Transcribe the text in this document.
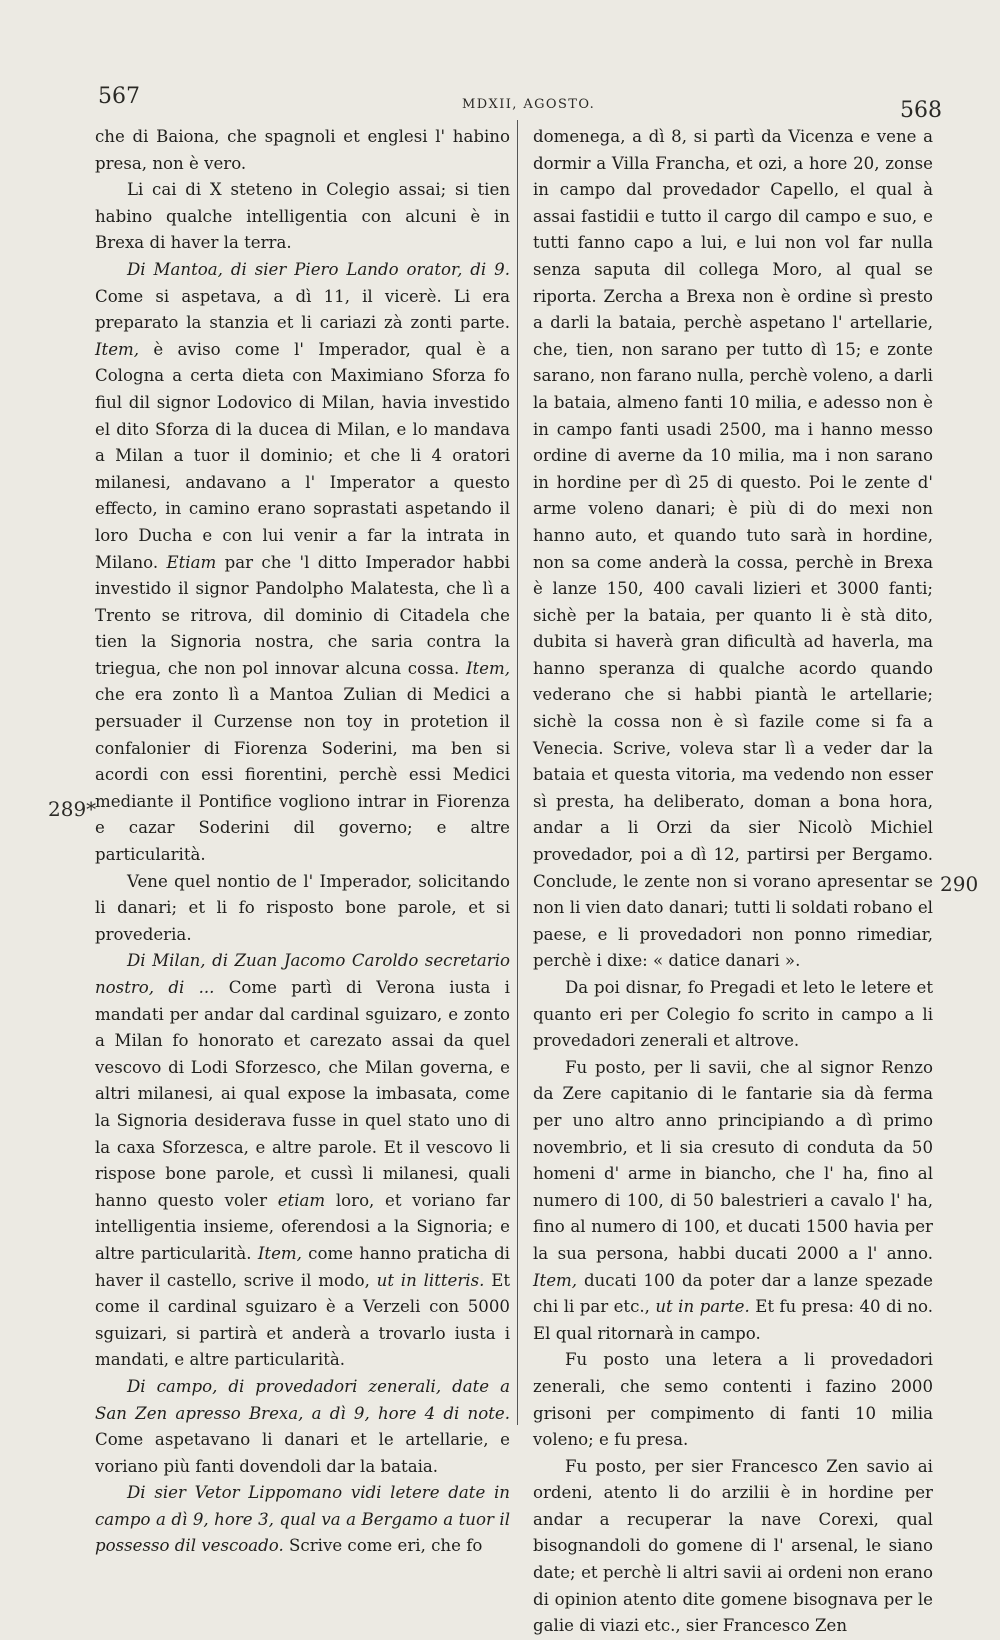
567	MDXII, AGOSTO.	568

che di Baiona, che spagnoli et englesi l' habino presa, non è vero.

Li cai di X steteno in Colegio assai; si tien habino qualche intelligentia con alcuni è in Brexa di haver la terra.

Di Mantoa, di sier Piero Lando orator, di 9. Come si aspetava, a dì 11, il vicerè. Li era preparato la stanzia et li cariazi zà zonti parte. Item, è aviso come l' Imperador, qual è a Cologna a certa dieta con Maximiano Sforza fo fiul dil signor Lodovico di Milan, havia investido el dito Sforza di la ducea di Milan, e lo mandava a Milan a tuor il dominio; et che li 4 oratori milanesi, andavano a l' Imperator a questo effecto, in camino erano soprastati aspetando il loro Ducha e con lui venir a far la intrata in Milano. Etiam par che 'l ditto Imperador habbi investido il signor Pandolpho Malatesta, che lì a Trento se ritrova, dil dominio di Citadela che tien la Signoria nostra, che saria contra la triegua, che non pol innovar alcuna cossa. Item, che era zonto lì a Mantoa Zulian di Medici a persuader il Curzense non toy in protetion il confalonier di Fiorenza Soderini, ma ben si acordi con essi fiorentini, perchè essi Medici mediante il Pontifice vogliono intrar in Fiorenza e cazar Soderini dil governo; e altre particularità.

Vene quel nontio de l' Imperador, solicitando li danari; et li fo risposto bone parole, et si provederia.

Di Milan, di Zuan Jacomo Caroldo secretario nostro, di ... Come partì di Verona iusta i mandati per andar dal cardinal sguizaro, e zonto a Milan fo honorato et carezato assai da quel vescovo di Lodi Sforzesco, che Milan governa, e altri milanesi, ai qual expose la imbasata, come la Signoria desiderava fusse in quel stato uno di la caxa Sforzesca, e altre parole. Et il vescovo li rispose bone parole, et cussì li milanesi, quali hanno questo voler etiam loro, et voriano far intelligentia insieme, oferendosi a la Signoria; e altre particularità. Item, come hanno praticha di haver il castello, scrive il modo, ut in litteris. Et come il cardinal sguizaro è a Verzeli con 5000 sguizari, si partirà et anderà a trovarlo iusta i mandati, e altre particularità.

Di campo, di provedadori zenerali, date a San Zen apresso Brexa, a dì 9, hore 4 di note. Come aspetavano li danari et le artellarie, e voriano più fanti dovendoli dar la bataia.

Di sier Vetor Lippomano vidi letere date in campo a dì 9, hore 3, qual va a Bergamo a tuor il possesso dil vescoado. Scrive come eri, che fo

domenega, a dì 8, si partì da Vicenza e vene a dormir a Villa Francha, et ozi, a hore 20, zonse in campo dal provedador Capello, el qual à assai fastidii e tutto il cargo dil campo e suo, e tutti fanno capo a lui, e lui non vol far nulla senza saputa dil collega Moro, al qual se riporta. Zercha a Brexa non è ordine sì presto a darli la bataia, perchè aspetano l' artellarie, che, tien, non sarano per tutto dì 15; e zonte sarano, non farano nulla, perchè voleno, a darli la bataia, almeno fanti 10 milia, e adesso non è in campo fanti usadi 2500, ma i hanno messo ordine di averne da 10 milia, ma i non sarano in hordine per dì 25 di questo. Poi le zente d' arme voleno danari; è più di do mexi non hanno auto, et quando tuto sarà in hordine, non sa come anderà la cossa, perchè in Brexa è lanze 150, 400 cavali lizieri et 3000 fanti; sichè per la bataia, per quanto li è stà dito, dubita si haverà gran dificultà ad haverla, ma hanno speranza di qualche acordo quando vederano che si habbi piantà le artellarie; sichè la cossa non è sì fazile come si fa a Venecia. Scrive, voleva star lì a veder dar la bataia et questa vitoria, ma vedendo non esser sì presta, ha deliberato, doman a bona hora, andar a li Orzi da sier Nicolò Michiel provedador, poi a dì 12, partirsi per Bergamo. Conclude, le zente non si vorano apresentar se non li vien dato danari; tutti li soldati robano el paese, e li provedadori non ponno rimediar, perchè i dixe: « datice danari ».

Da poi disnar, fo Pregadi et leto le letere et quanto eri per Colegio fo scrito in campo a li provedadori zenerali et altrove.

Fu posto, per li savii, che al signor Renzo da Zere capitanio di le fantarie sia dà ferma per uno altro anno principiando a dì primo novembrio, et li sia cresuto di conduta da 50 homeni d' arme in biancho, che l' ha, fino al numero di 100, di 50 balestrieri a cavalo l' ha, fino al numero di 100, et ducati 1500 havia per la sua persona, habbi ducati 2000 a l' anno. Item, ducati 100 da poter dar a lanze spezade chi li par etc., ut in parte. Et fu presa: 40 di no. El qual ritornarà in campo.

Fu posto una letera a li provedadori zenerali, che semo contenti i fazino 2000 grisoni per compimento di fanti 10 milia voleno; e fu presa.

Fu posto, per sier Francesco Zen savio ai ordeni, atento li do arzilii è in hordine per andar a recuperar la nave Corexi, qual bisognandoli do gomene di l' arsenal, le siano date; et perchè li altri savii ai ordeni non erano di opinion atento dite gomene bisognava per le galie di viazi etc., sier Francesco Zen

289*
290
